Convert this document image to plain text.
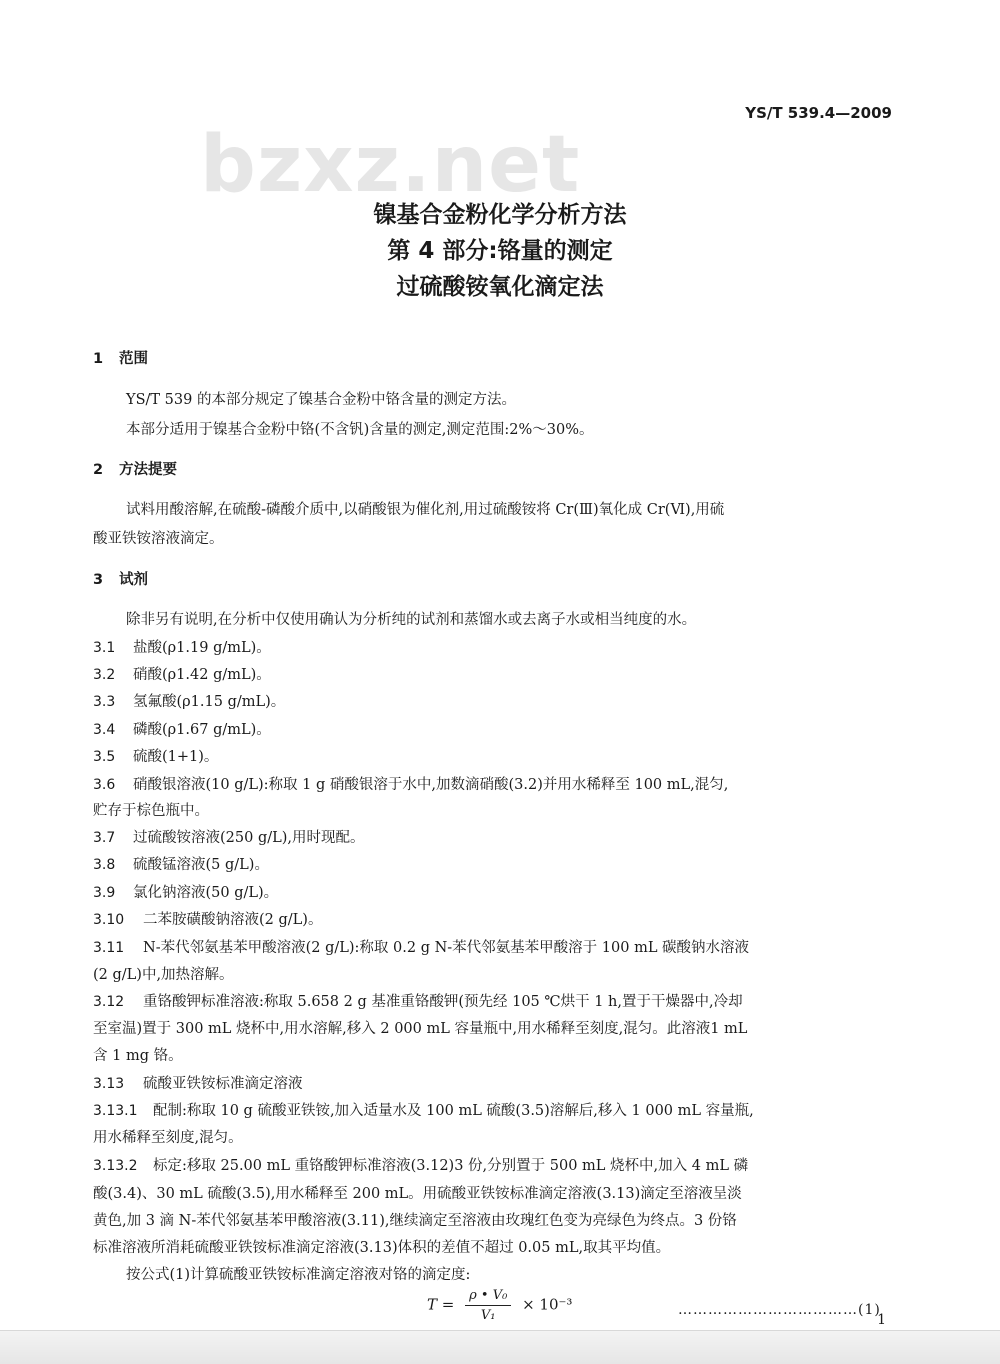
bzxz.net
YS/T 539.4—2009
镍基合金粉化学分析方法
第 4 部分:铬量的测定
过硫酸铵氧化滴定法
1 范围
YS/T 539 的本部分规定了镍基合金粉中铬含量的测定方法。
本部分适用于镍基合金粉中铬(不含钒)含量的测定,测定范围:2%～30%。
2 方法提要
试料用酸溶解,在硫酸-磷酸介质中,以硝酸银为催化剂,用过硫酸铵将 Cr(Ⅲ)氧化成 Cr(Ⅵ),用硫
酸亚铁铵溶液滴定。
3 试剂
除非另有说明,在分析中仅使用确认为分析纯的试剂和蒸馏水或去离子水或相当纯度的水。
3.1 盐酸(ρ1.19 g/mL)。
3.2 硝酸(ρ1.42 g/mL)。
3.3 氢氟酸(ρ1.15 g/mL)。
3.4 磷酸(ρ1.67 g/mL)。
3.5 硫酸(1+1)。
3.6 硝酸银溶液(10 g/L):称取 1 g 硝酸银溶于水中,加数滴硝酸(3.2)并用水稀释至 100 mL,混匀,
贮存于棕色瓶中。
3.7 过硫酸铵溶液(250 g/L),用时现配。
3.8 硫酸锰溶液(5 g/L)。
3.9 氯化钠溶液(50 g/L)。
3.10 二苯胺磺酸钠溶液(2 g/L)。
3.11 N-苯代邻氨基苯甲酸溶液(2 g/L):称取 0.2 g N-苯代邻氨基苯甲酸溶于 100 mL 碳酸钠水溶液
(2 g/L)中,加热溶解。
3.12 重铬酸钾标准溶液:称取 5.658 2 g 基准重铬酸钾(预先经 105 ℃烘干 1 h,置于干燥器中,冷却
至室温)置于 300 mL 烧杯中,用水溶解,移入 2 000 mL 容量瓶中,用水稀释至刻度,混匀。此溶液1 mL
含 1 mg 铬。
3.13 硫酸亚铁铵标准滴定溶液
3.13.1 配制:称取 10 g 硫酸亚铁铵,加入适量水及 100 mL 硫酸(3.5)溶解后,移入 1 000 mL 容量瓶,
用水稀释至刻度,混匀。
3.13.2 标定:移取 25.00 mL 重铬酸钾标准溶液(3.12)3 份,分别置于 500 mL 烧杯中,加入 4 mL 磷
酸(3.4)、30 mL 硫酸(3.5),用水稀释至 200 mL。用硫酸亚铁铵标准滴定溶液(3.13)滴定至溶液呈淡
黄色,加 3 滴 N-苯代邻氨基苯甲酸溶液(3.11),继续滴定至溶液由玫瑰红色变为亮绿色为终点。3 份铬
标准溶液所消耗硫酸亚铁铵标准滴定溶液(3.13)体积的差值不超过 0.05 mL,取其平均值。
按公式(1)计算硫酸亚铁铵标准滴定溶液对铬的滴定度:
$T = \frac{\text{ρ • V₀}}{\text{V₁}} \times 10^{-3}$	………………………………(1)
1
